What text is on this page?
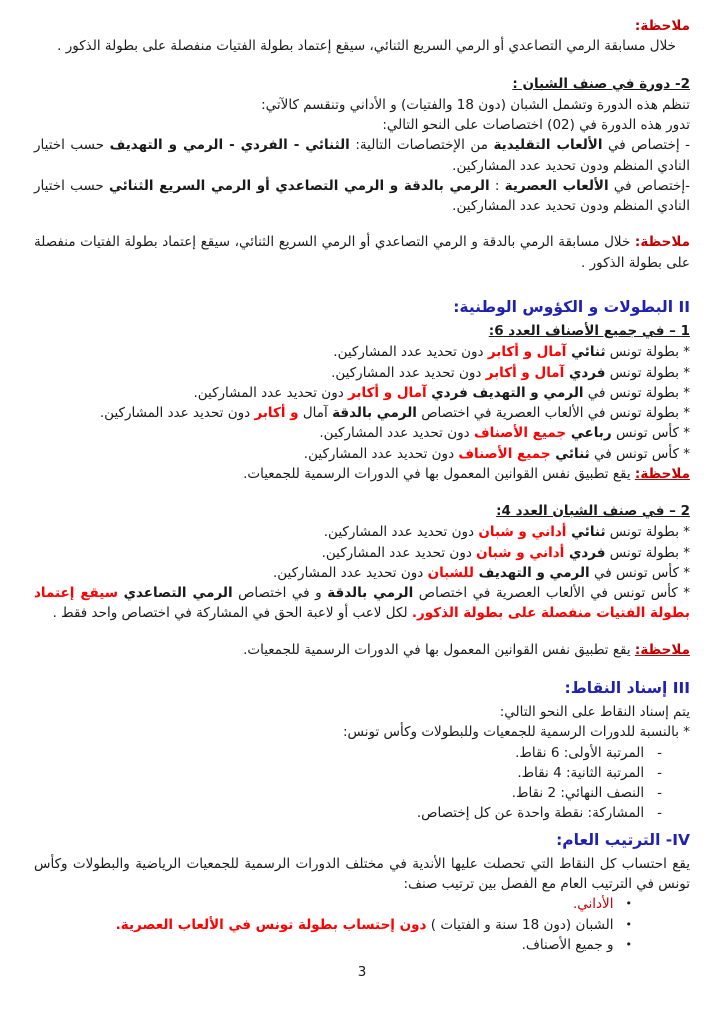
ملاحظة:
خلال مسابقة الرمي التصاعدي أو الرمي السريع الثنائي، سيقع إعتماد بطولة الفتيات منفصلة على بطولة الذكور .
2- دورة في صنف الشبان :
تنظم هذه الدورة وتشمل الشبان (دون 18 والفتيات) و الأداني وتنقسم كالآتي:
تدور هذه الدورة في (02) اختصاصات على النحو التالي:
- إختصاص في الألعاب التقليدية من الإختصاصات التالية: الثنائي - الفردي - الرمي و التهديف حسب اختيار النادي المنظم ودون تحديد عدد المشاركين.
-إختصاص في الألعاب العصرية : الرمي بالدقة و الرمي التصاعدي أو الرمي السريع الثنائي حسب اختيار النادي المنظم ودون تحديد عدد المشاركين.
ملاحظة: خلال مسابقة الرمي بالدقة و الرمي التصاعدي أو الرمي السريع الثنائي، سيقع إعتماد بطولة الفتيات منفصلة على بطولة الذكور .
II البطولات و الكؤوس الوطنية:
1 – في جميع الأصناف العدد 6:
* بطولة تونس ثنائي آمال و أكابر دون تحديد عدد المشاركين.
* بطولة تونس فردي آمال و أكابر دون تحديد عدد المشاركين.
* بطولة تونس في الرمي و التهديف فردي آمال و أكابر دون تحديد عدد المشاركين.
* بطولة تونس في الألعاب العصرية في اختصاص الرمي بالدقة آمال و أكابر دون تحديد عدد المشاركين.
* كأس تونس رباعي جميع الأصناف دون تحديد عدد المشاركين.
* كأس تونس في ثنائي جميع الأصناف دون تحديد عدد المشاركين.
ملاحظة: يقع تطبيق نفس القوانين المعمول بها في الدورات الرسمية للجمعيات.
2 – في صنف الشبان العدد 4:
* بطولة تونس ثنائي أداني و شبان دون تحديد عدد المشاركين.
* بطولة تونس فردي أداني و شبان دون تحديد عدد المشاركين.
* كأس تونس في الرمي و التهديف للشبان دون تحديد عدد المشاركين.
* كأس تونس في الألعاب العصرية في اختصاص الرمي بالدقة و في اختصاص الرمي التصاعدي سيقع إعتماد بطولة الفتيات منفصلة على بطولة الذكور. لكل لاعب أو لاعبة الحق في المشاركة في اختصاص واحد فقط .
ملاحظة: يقع تطبيق نفس القوانين المعمول بها في الدورات الرسمية للجمعيات.
III إسناد النقاط:
يتم إسناد النقاط على النحو التالي:
* بالنسبة للدورات الرسمية للجمعيات وللبطولات وكأس تونس:
-
المرتبة الأولى: 6 نقاط.
-
المرتبة الثانية: 4 نقاط.
-
النصف النهائي: 2 نقاط.
-
المشاركة: نقطة واحدة عن كل إختصاص.
IV- الترتيب العام:
يقع احتساب كل النقاط التي تحصلت عليها الأندية في مختلف الدورات الرسمية للجمعيات الرياضية والبطولات وكأس تونس في الترتيب العام مع الفصل بين ترتيب صنف:
•
الأداني.
•
الشبان (دون 18 سنة و الفتيات ) دون إحتساب بطولة تونس في الألعاب العصرية.
•
و جميع الأصناف.
3
